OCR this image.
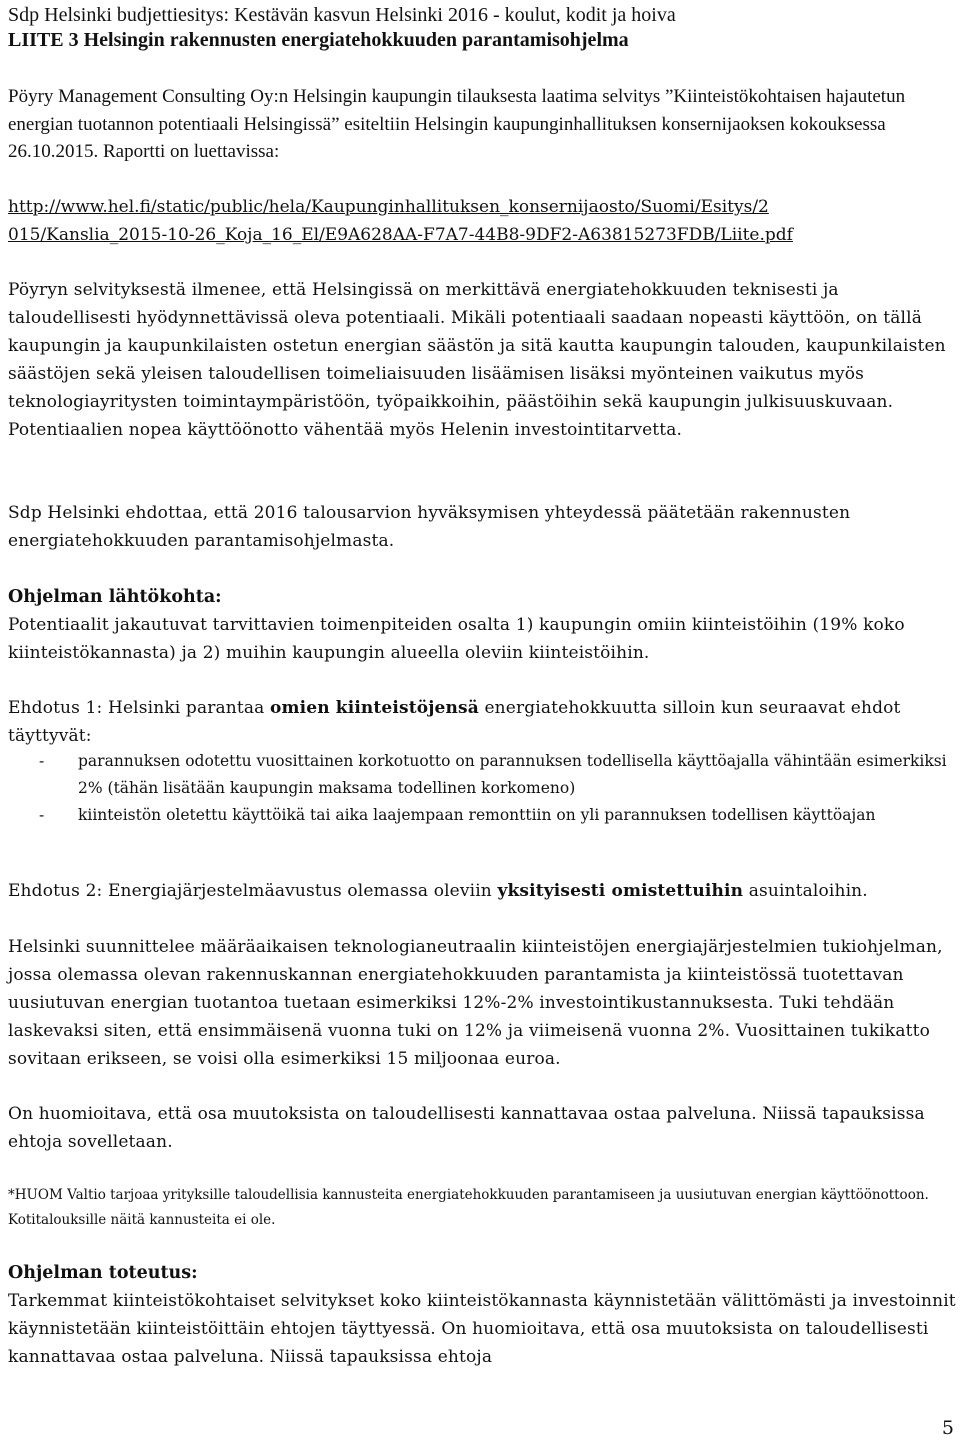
Sdp Helsinki budjettiesitys: Kestävän kasvun Helsinki 2016 - koulut, kodit ja hoiva

LIITE 3 Helsingin rakennusten energiatehokkuuden parantamisohjelma

Pöyry Management Consulting Oy:n Helsingin kaupungin tilauksesta laatima selvitys ”Kiinteistökohtaisen hajautetun energian tuotannon potentiaali Helsingissä” esiteltiin Helsingin kaupunginhallituksen konsernijaoksen kokouksessa 26.10.2015. Raportti on luettavissa:

http://www.hel.fi/static/public/hela/Kaupunginhallituksen_konsernijaosto/Suomi/Esitys/2
015/Kanslia_2015-10-26_Koja_16_El/E9A628AA-F7A7-44B8-9DF2-A63815273FDB/Liite.pdf

Pöyryn selvityksestä ilmenee, että Helsingissä on merkittävä energiatehokkuuden teknisesti ja taloudellisesti hyödynnettävissä oleva potentiaali. Mikäli potentiaali saadaan nopeasti käyttöön, on tällä kaupungin ja kaupunkilaisten ostetun energian säästön ja sitä kautta kaupungin talouden, kaupunkilaisten säästöjen sekä yleisen taloudellisen toimeliaisuuden lisäämisen lisäksi myönteinen vaikutus myös teknologiayritysten toimintaympäristöön, työpaikkoihin, päästöihin sekä kaupungin julkisuuskuvaan. Potentiaalien nopea käyttöönotto vähentää myös Helenin investointitarvetta.

Sdp Helsinki ehdottaa, että 2016 talousarvion hyväksymisen yhteydessä päätetään rakennusten energiatehokkuuden parantamisohjelmasta.

Ohjelman lähtökohta:

Potentiaalit jakautuvat tarvittavien toimenpiteiden osalta 1) kaupungin omiin kiinteistöihin (19% koko kiinteistökannasta) ja 2) muihin kaupungin alueella oleviin kiinteistöihin.

Ehdotus 1: Helsinki parantaa omien kiinteistöjensä energiatehokkuutta silloin kun seuraavat ehdot täyttyvät:

- parannuksen odotettu vuosittainen korkotuotto on parannuksen todellisella käyttöajalla vähintään esimerkiksi 2% (tähän lisätään kaupungin maksama todellinen korkomeno)
- kiinteistön oletettu käyttöikä tai aika laajempaan remonttiin on yli parannuksen todellisen käyttöajan

Ehdotus 2: Energiajärjestelmäavustus olemassa oleviin yksityisesti omistettuihin asuintaloihin.

Helsinki suunnittelee määräaikaisen teknologianeutraalin kiinteistöjen energiajärjestelmien tukiohjelman, jossa olemassa olevan rakennuskannan energiatehokkuuden parantamista ja kiinteistössä tuotettavan uusiutuvan energian tuotantoa tuetaan esimerkiksi 12%-2% investointikustannuksesta. Tuki tehdään laskevaksi siten, että ensimmäisenä vuonna tuki on 12% ja viimeisenä vuonna 2%. Vuosittainen tukikatto sovitaan erikseen, se voisi olla esimerkiksi 15 miljoonaa euroa.

On huomioitava, että osa muutoksista on taloudellisesti kannattavaa ostaa palveluna. Niissä tapauksissa ehtoja sovelletaan.

*HUOM Valtio tarjoaa yrityksille taloudellisia kannusteita energiatehokkuuden parantamiseen ja uusiutuvan energian käyttöönottoon. Kotitalouksille näitä kannusteita ei ole.

Ohjelman toteutus:

Tarkemmat kiinteistökohtaiset selvitykset koko kiinteistökannasta käynnistetään välittömästi ja investoinnit käynnistetään kiinteistöittäin ehtojen täyttyessä. On huomioitava, että osa muutoksista on taloudellisesti kannattavaa ostaa palveluna. Niissä tapauksissa ehtoja

5
